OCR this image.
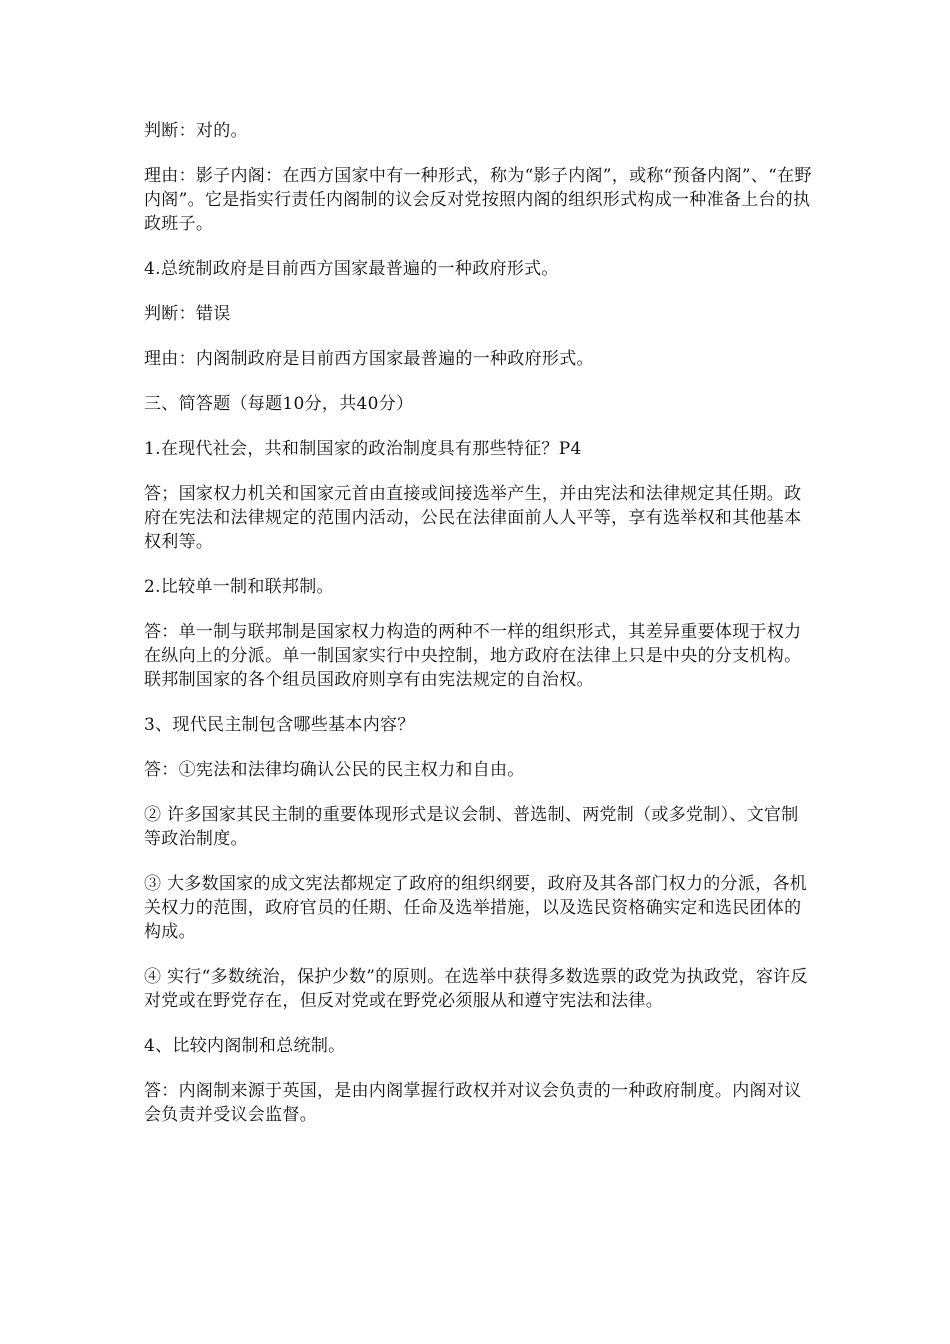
判断：对的。

理由：影子内阁：在西方国家中有一种形式，称为“影子内阁”，或称“预备内阁”、“在野内阁”。它是指实行责任内阁制的议会反对党按照内阁的组织形式构成一种准备上台的执政班子。

4.总统制政府是目前西方国家最普遍的一种政府形式。

判断：错误

理由：内阁制政府是目前西方国家最普遍的一种政府形式。

三、简答题（每题10分，共40分）

1.在现代社会，共和制国家的政治制度具有那些特征？P4

答；国家权力机关和国家元首由直接或间接选举产生，并由宪法和法律规定其任期。政府在宪法和法律规定的范围内活动，公民在法律面前人人平等，享有选举权和其他基本权利等。

2.比较单一制和联邦制。

答：单一制与联邦制是国家权力构造的两种不一样的组织形式，其差异重要体现于权力在纵向上的分派。单一制国家实行中央控制，地方政府在法律上只是中央的分支机构。联邦制国家的各个组员国政府则享有由宪法规定的自治权。

3、现代民主制包含哪些基本内容？

答：①宪法和法律均确认公民的民主权力和自由。

② 许多国家其民主制的重要体现形式是议会制、普选制、两党制（或多党制）、文官制等政治制度。

③ 大多数国家的成文宪法都规定了政府的组织纲要，政府及其各部门权力的分派，各机关权力的范围，政府官员的任期、任命及选举措施，以及选民资格确实定和选民团体的构成。

④ 实行“多数统治，保护少数”的原则。在选举中获得多数选票的政党为执政党，容许反对党或在野党存在，但反对党或在野党必须服从和遵守宪法和法律。

4、比较内阁制和总统制。

答：内阁制来源于英国，是由内阁掌握行政权并对议会负责的一种政府制度。内阁对议会负责并受议会监督。
